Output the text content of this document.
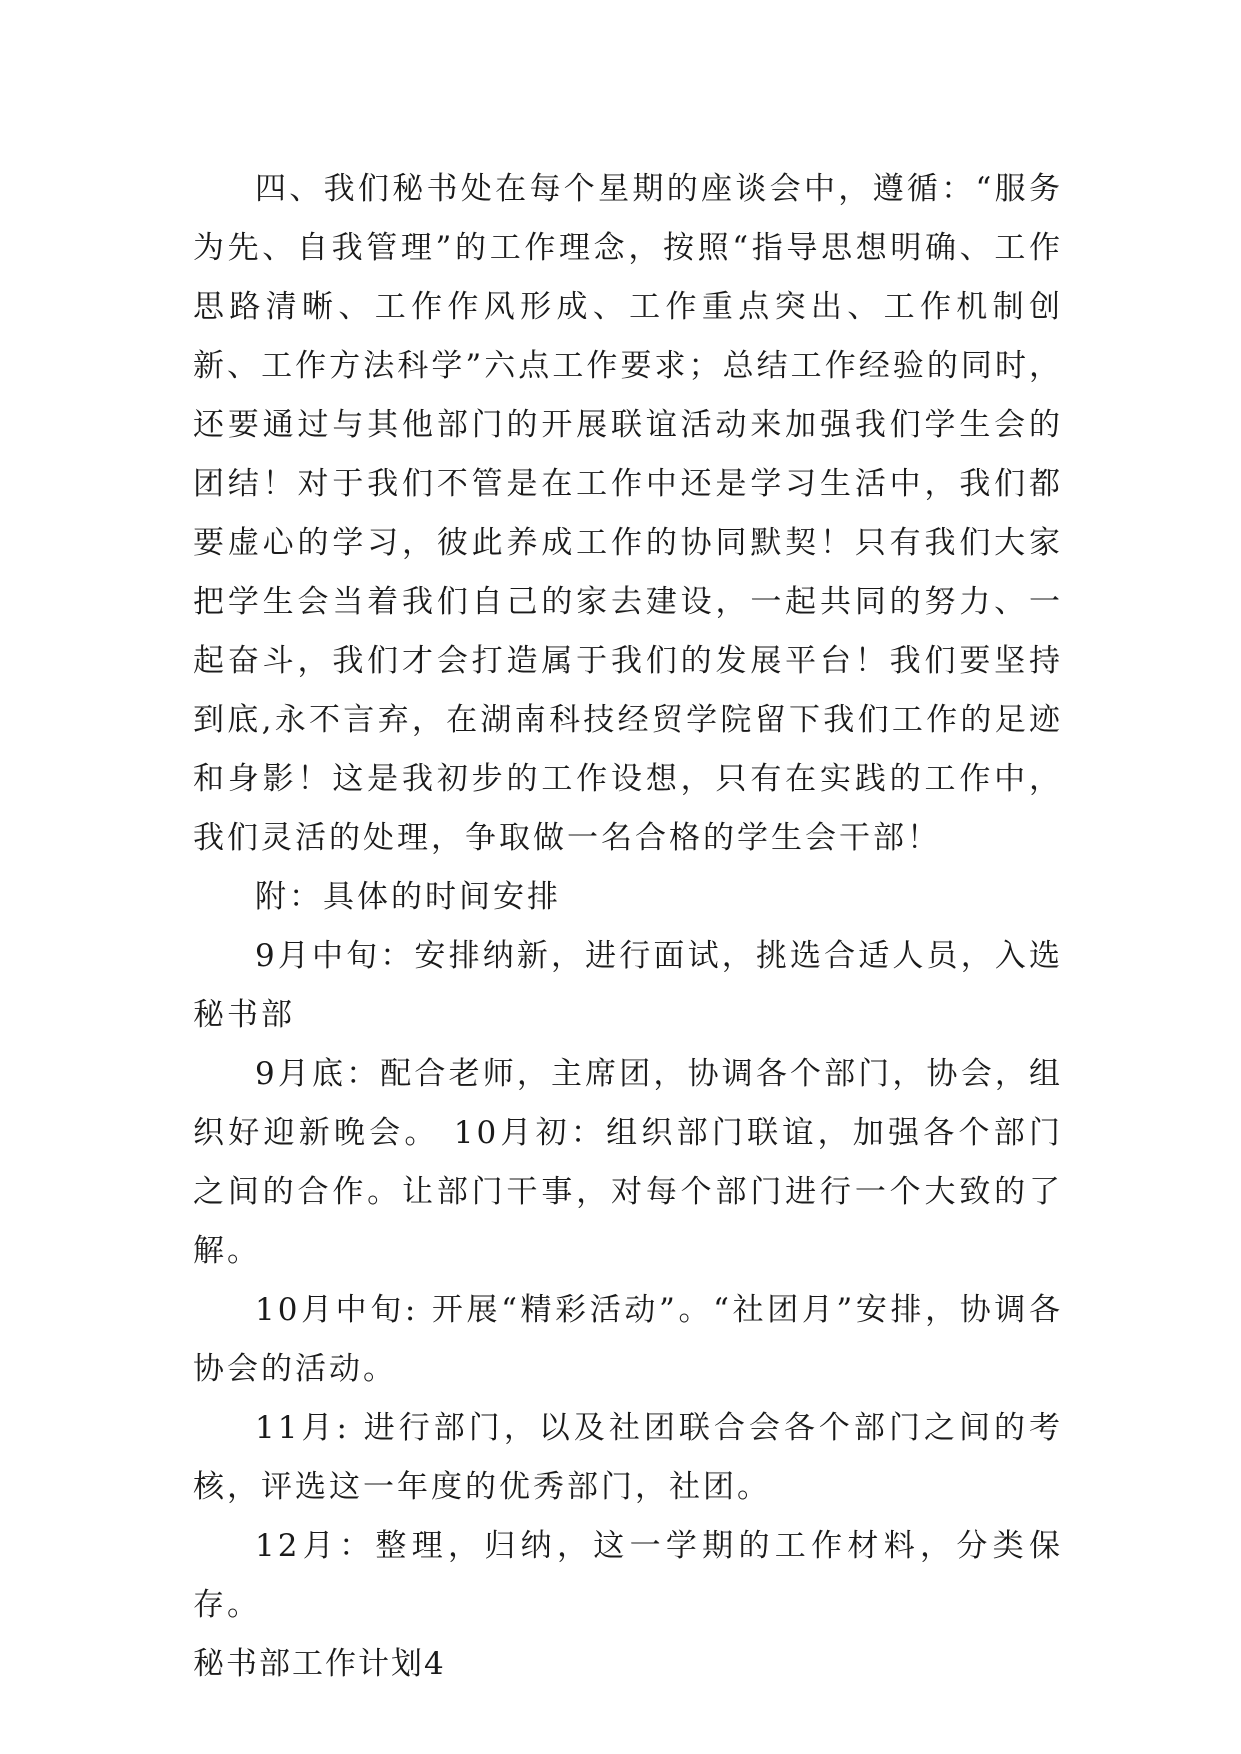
四、我们秘书处在每个星期的座谈会中，遵循：“服务为先、自我管理”的工作理念，按照“指导思想明确、工作思路清晰、工作作风形成、工作重点突出、工作机制创新、工作方法科学”六点工作要求；总结工作经验的同时，还要通过与其他部门的开展联谊活动来加强我们学生会的团结！对于我们不管是在工作中还是学习生活中，我们都要虚心的学习，彼此养成工作的协同默契！只有我们大家把学生会当着我们自己的家去建设，一起共同的努力、一起奋斗，我们才会打造属于我们的发展平台！我们要坚持到底,永不言弃，在湖南科技经贸学院留下我们工作的足迹和身影！这是我初步的工作设想，只有在实践的工作中，我们灵活的处理，争取做一名合格的学生会干部！

附：具体的时间安排

9月中旬：安排纳新，进行面试，挑选合适人员，入选秘书部

9月底：配合老师，主席团，协调各个部门，协会，组织好迎新晚会。 10月初：组织部门联谊，加强各个部门之间的合作。让部门干事，对每个部门进行一个大致的了解。

10月中旬: 开展“精彩活动”。“社团月”安排，协调各协会的活动。

11月: 进行部门，以及社团联合会各个部门之间的考核，评选这一年度的优秀部门，社团。

12月：整理，归纳，这一学期的工作材料，分类保存。

秘书部工作计划4
